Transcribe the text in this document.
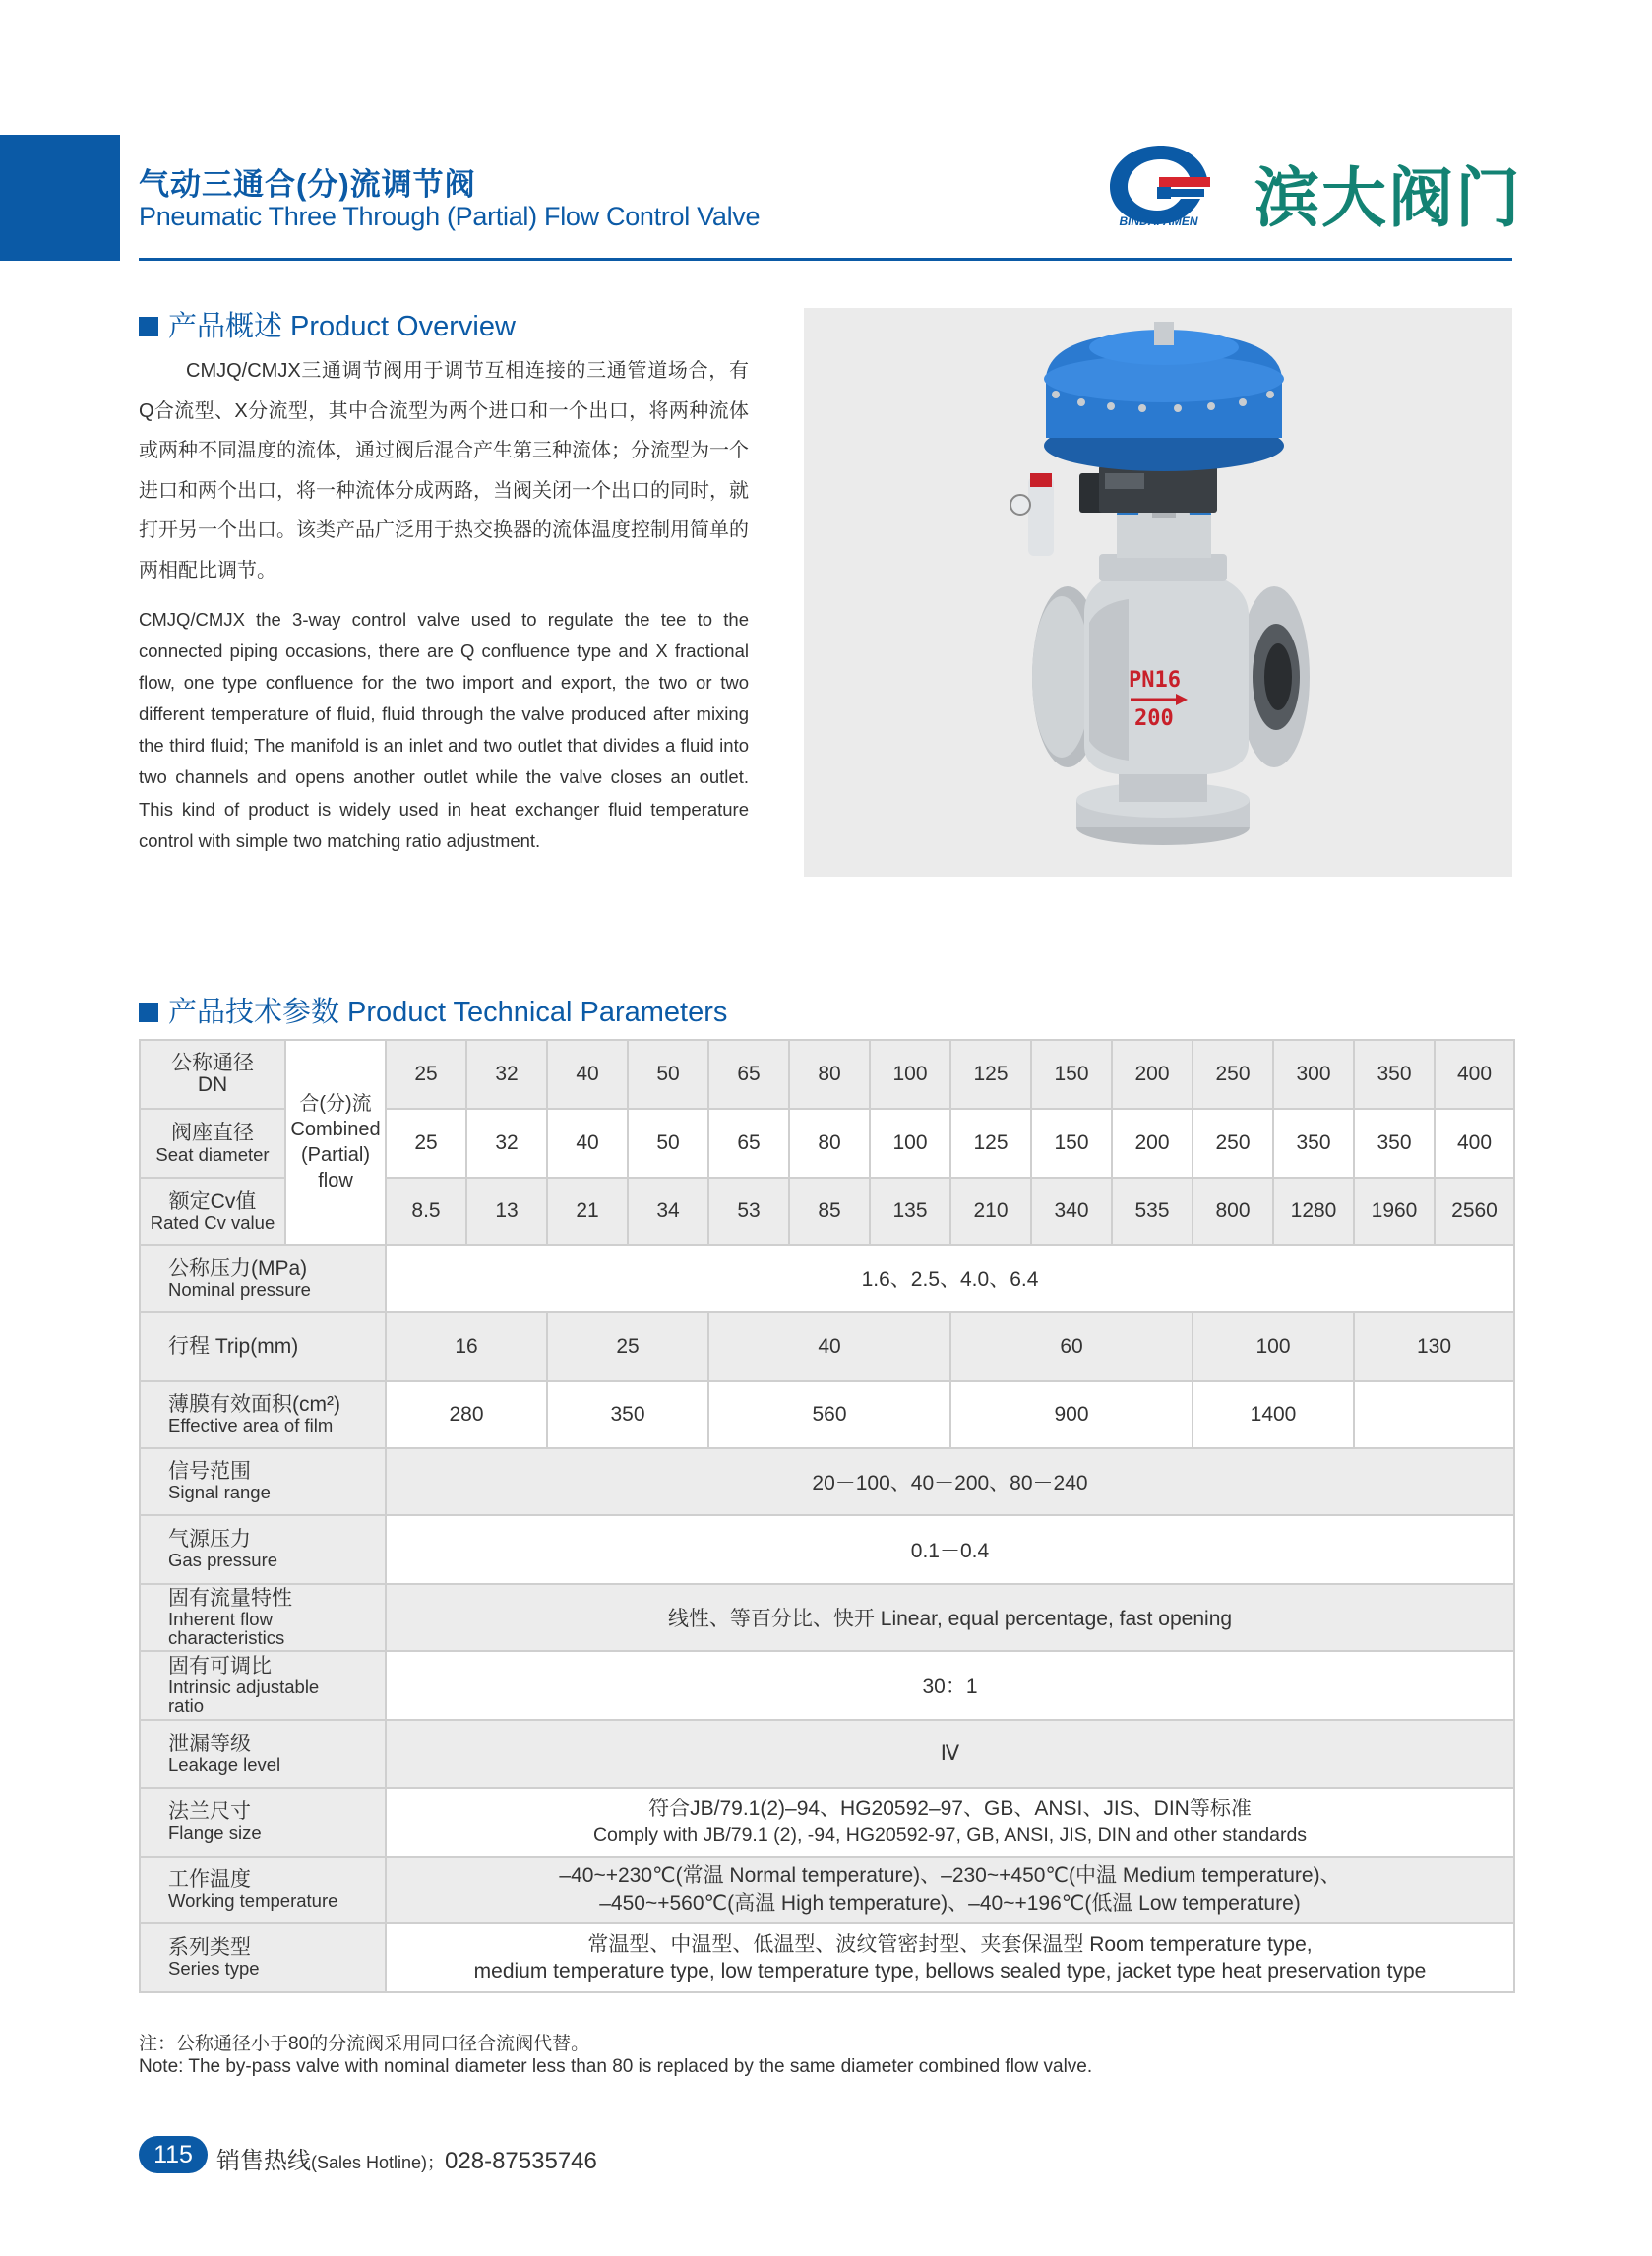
气动三通合(分)流调节阀
Pneumatic Three Through (Partial) Flow Control Valve	BINDAFAMEN 滨大阀门
产品概述 Product Overview
CMJQ/CMJX三通调节阀用于调节互相连接的三通管道场合，有Q合流型、X分流型，其中合流型为两个进口和一个出口，将两种流体或两种不同温度的流体，通过阀后混合产生第三种流体；分流型为一个进口和两个出口，将一种流体分成两路，当阀关闭一个出口的同时，就打开另一个出口。该类产品广泛用于热交换器的流体温度控制用简单的两相配比调节。
CMJQ/CMJX the 3-way control valve used to regulate the tee to the connected piping occasions, there are Q confluence type and X fractional flow, one type confluence for the two import and export, the two or two different temperature of fluid, fluid through the valve produced after mixing the third fluid; The manifold is an inlet and two outlet that divides a fluid into two channels and opens another outlet while the valve closes an outlet. This kind of product is widely used in heat exchanger fluid temperature control with simple two matching ratio adjustment.
PN16
200
产品技术参数 Product Technical Parameters
公称通径
DN	合(分)流
Combined
(Partial)
flow	25	32	40	50	65	80	100	125	150	200	250	300	350	400

阀座直径
Seat diameter		25	32	40	50	65	80	100	125	150	200	250	350	350	400

额定Cv值
Rated Cv value		8.5	13	21	34	53	85	135	210	340	535	800	1280	1960	2560

公称压力(MPa)
Nominal pressure		1.6、2.5、4.0、6.4													

行程 Trip(mm)		16		25		40			60			100		130	

薄膜有效面积(cm²)
Effective area of film		280		350		560			900			1400			

信号范围
Signal range		20－100、40－200、80－240													

气源压力
Gas pressure		0.1－0.4													

固有流量特性
Inherent flow
characteristics		线性、等百分比、快开 Linear, equal percentage, fast opening													

固有可调比
Intrinsic adjustable
ratio		30：1													

泄漏等级
Leakage level		Ⅳ													

法兰尺寸
Flange size		符合JB/79.1(2)–94、HG20592–97、GB、ANSI、JIS、DIN等标准
Comply with JB/79.1 (2), -94, HG20592-97, GB, ANSI, JIS, DIN and other standards													

工作温度
Working temperature		–40~+230℃(常温 Normal temperature)、–230~+450℃(中温 Medium temperature)、
–450~+560℃(高温 High temperature)、–40~+196℃(低温 Low temperature)													

系列类型
Series type		常温型、中温型、低温型、波纹管密封型、夹套保温型 Room temperature type,
medium temperature type, low temperature type, bellows sealed type, jacket type heat preservation type													
注：公称通径小于80的分流阀采用同口径合流阀代替。
Note: The by-pass valve with nominal diameter less than 80 is replaced by the same diameter combined flow valve.
115	销售热线(Sales Hotline)；028-87535746
